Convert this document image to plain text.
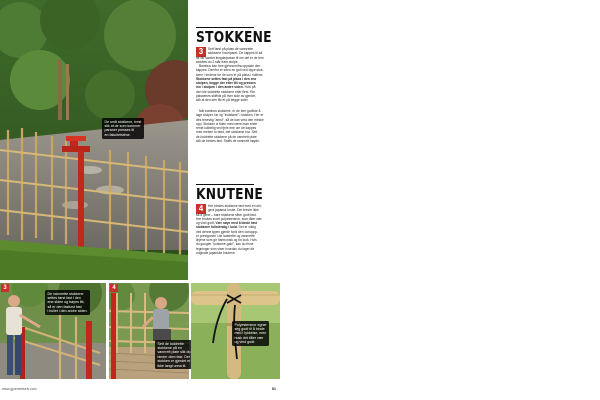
De små stokkene, trest
slik at de som kommer
paraner presses til
en fakultetstime.
STOKKENE
3	Sett farst på plass de vannrette
stokkene i teoriparet. De kappes til så
de får samlet lengde/passe til om det er de fem
stokkes du 2 står fram stolpe.
Bambus kan fore gjennom/fra oppside den
kappes. Den/for er sden en god ved dype stok-
kene i endene for de som er på plass i hullene.
Stokkene settes fast på plass i den ene
stolpen, begge der etter litt og presses
inn i stolpen i den andre siden. Hvis på
den ide loddrette stokkene etter flest. Ete
plassenes skiftvis på hver side av gjerdet,
slik at den den får et på begge sider.

Når bambus stokkene, er de tem godtide å
lage stolper, tar og "kvilstøne" i stokken. Her er
des tenestig "amst", så de kan vera den meske
opp. Stokken vi tiden med være man ende
rente lubbelig ved fjele ene om de kappes
med meben to tedd, det stokkene har. Sett
de loddrette stokkene på de vannrett plate
slik de bindes fast. Stoffs de vannrett høyde.

KNUTENE
4	Her bindes stokkene fast med en stri-
gent japansk knute. Det krever ikke
så å gene – bare stokkene sitter godt fast.
Her brukes svart polyestersnor, som tåler vær
og vind godt. Vær nøye med å binde fast
stokkene fullstendig i kold. Det er viktig
ved denne typen gjerde fordi den var/oppp-
er prestgonen i de loddrette og vannrette
linjene som gir harmonisk og fin look. Hvis
du googler "yotsume-gaki", kan du finne
tegninger som viser hvordan du lager de
originale japanske knutene.

3
De vannrette stokkene
settes først fast i den
ene siden og bøyes litt,
så er den fastlost fast
i hullet i den andre siden.
4
Sett de loddrette
stokkene på en
vannrett plate slik du
binder dem fast. Der
stokken er gjerdet er
ikke langt unna til.
Polyestersnor egner
seg godt til å binde
med i tykkelse, men
husk det tåler vær
og vind godt.
www.gjoerdetselv.com	81
